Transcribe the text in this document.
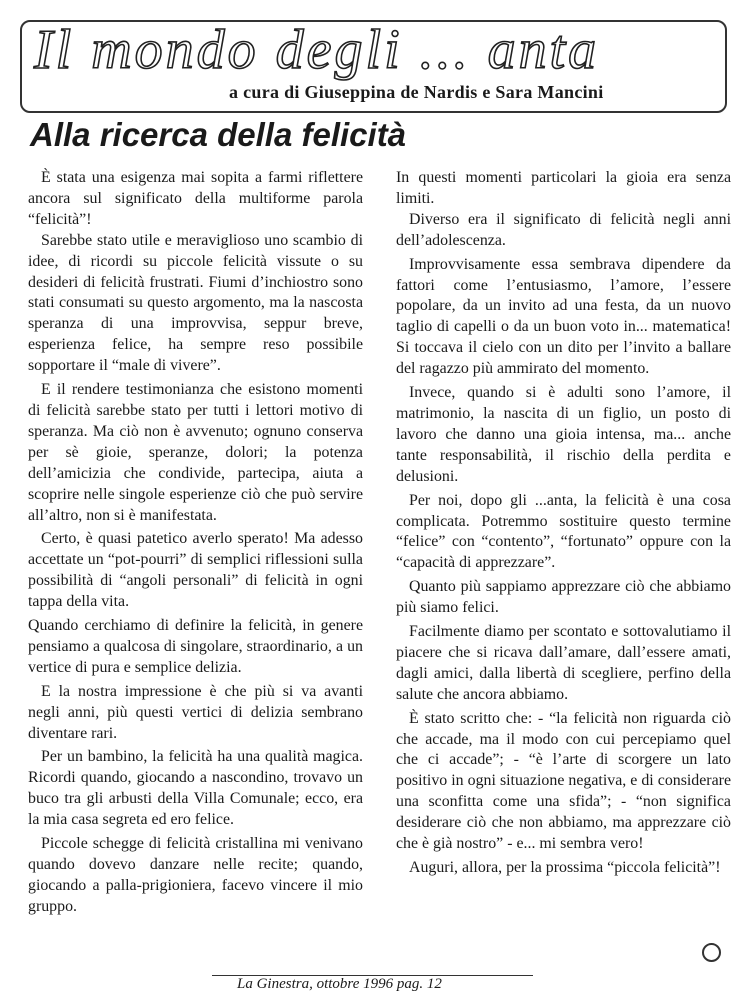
Il mondo degli ... anta
a cura di Giuseppina de Nardis e Sara Mancini
Alla ricerca della felicità

È stata una esigenza mai sopita a farmi riflettere ancora sul significato della multiforme parola “felicità”!

Sarebbe stato utile e meraviglioso uno scambio di idee, di ricordi su piccole felicità vissute o su desideri di felicità frustrati. Fiumi d’inchiostro sono stati consumati su questo argomento, ma la nascosta speranza di una improvvisa, seppur breve, esperienza felice, ha sempre reso possibile sopportare il “male di vivere”.

E il rendere testimonianza che esistono momenti di felicità sarebbe stato per tutti i lettori motivo di speranza. Ma ciò non è avvenuto; ognuno conserva per sè gioie, speranze, dolori; la potenza dell’amicizia che condivide, partecipa, aiuta a scoprire nelle singole esperienze ciò che può servire all’altro, non si è manifestata.

Certo, è quasi patetico averlo sperato! Ma adesso accettate un “pot-pourri” di semplici riflessioni sulla possibilità di “angoli personali” di felicità in ogni tappa della vita.

Quando cerchiamo di definire la felicità, in genere pensiamo a qualcosa di singolare, straordinario, a un vertice di pura e semplice delizia.

E la nostra impressione è che più si va avanti negli anni, più questi vertici di delizia sembrano diventare rari.

Per un bambino, la felicità ha una qualità magica. Ricordi quando, giocando a nascondino, trovavo un buco tra gli arbusti della Villa Comunale; ecco, era la mia casa segreta ed ero felice.

Piccole schegge di felicità cristallina mi venivano quando dovevo danzare nelle recite; quando, giocando a palla-prigioniera, facevo vincere il mio gruppo.

In questi momenti particolari la gioia era senza limiti.

Diverso era il significato di felicità negli anni dell’adolescenza.

Improvvisamente essa sembrava dipendere da fattori come l’entusiasmo, l’amore, l’essere popolare, da un invito ad una festa, da un nuovo taglio di capelli o da un buon voto in... matematica! Si toccava il cielo con un dito per l’invito a ballare del ragazzo più ammirato del momento.

Invece, quando si è adulti sono l’amore, il matrimonio, la nascita di un figlio, un posto di lavoro che danno una gioia intensa, ma... anche tante responsabilità, il rischio della perdita e delusioni.

Per noi, dopo gli ...anta, la felicità è una cosa complicata. Potremmo sostituire questo termine “felice” con “contento”, “fortunato” oppure con la “capacità di apprezzare”.

Quanto più sappiamo apprezzare ciò che abbiamo più siamo felici.

Facilmente diamo per scontato e sottovalutiamo il piacere che si ricava dall’amare, dall’essere amati, dagli amici, dalla libertà di scegliere, perfino della salute che ancora abbiamo.

È stato scritto che: - “la felicità non riguarda ciò che accade, ma il modo con cui percepiamo quel che ci accade”; - “è l’arte di scorgere un lato positivo in ogni situazione negativa, e di considerare una sconfitta come una sfida”; - “non significa desiderare ciò che non abbiamo, ma apprezzare ciò che è già nostro” - e... mi sembra vero!

Auguri, allora, per la prossima “piccola felicità”!

La Ginestra, ottobre 1996 pag. 12
